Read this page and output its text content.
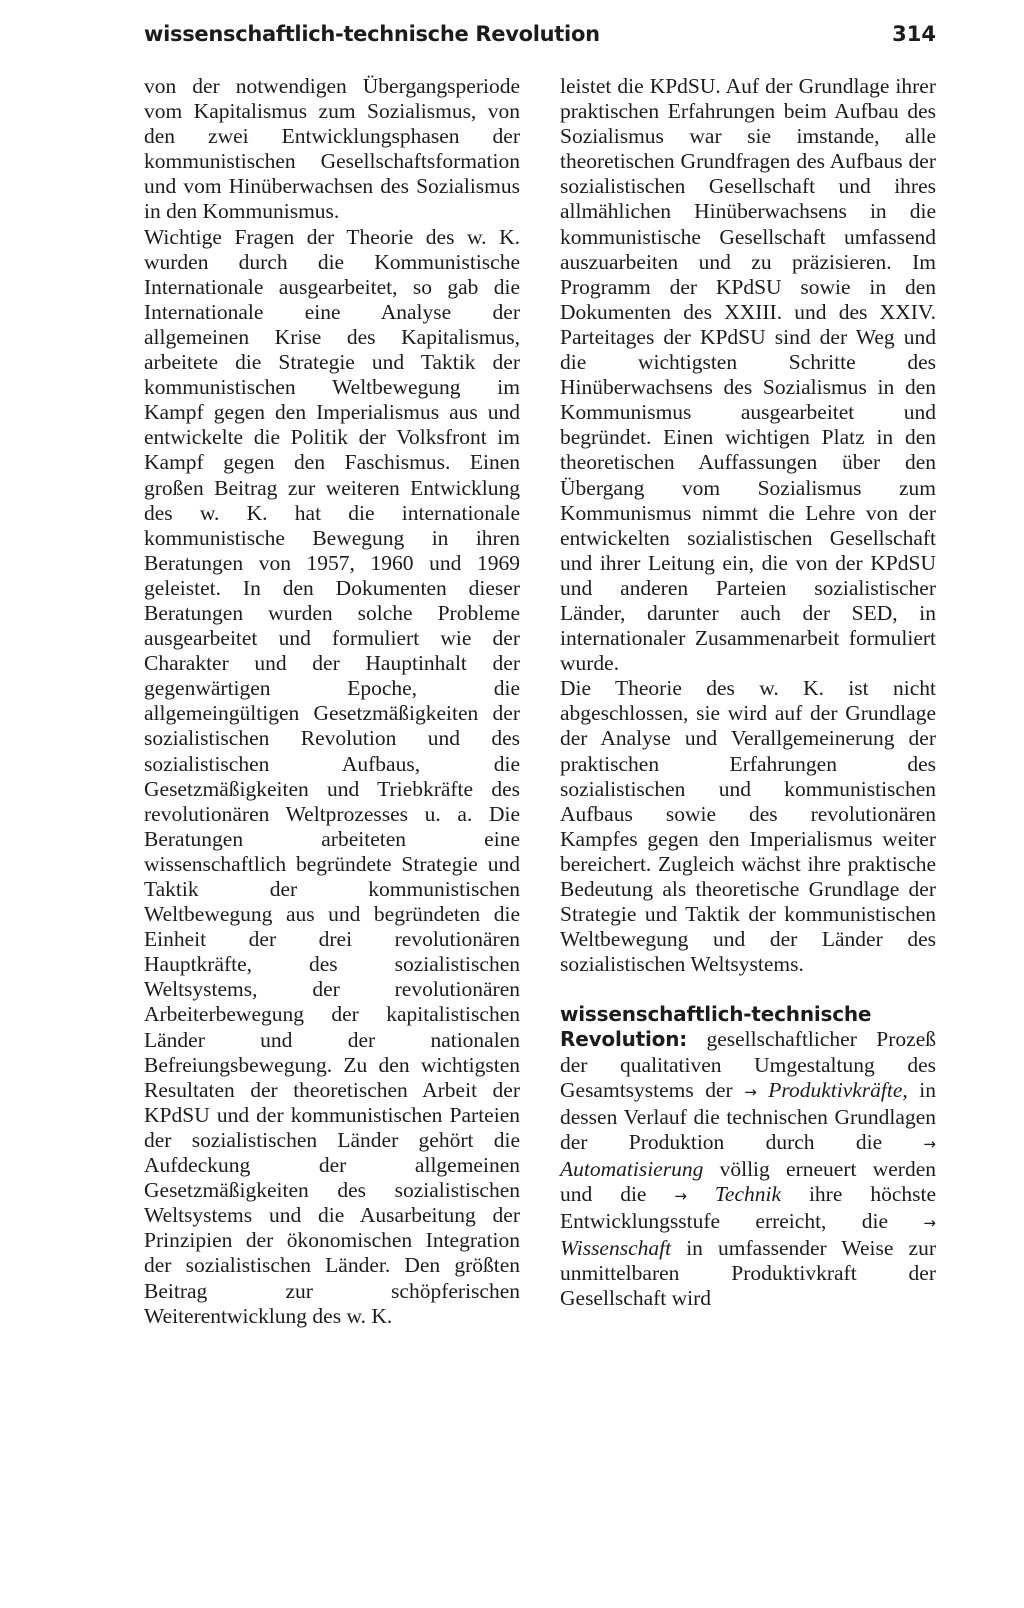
wissenschaftlich-technische Revolution	314

von der notwendigen Übergangsperiode vom Kapitalismus zum Sozialismus, von den zwei Entwicklungsphasen der kommunistischen Gesellschaftsformation und vom Hinüberwachsen des Sozialismus in den Kommunismus.

Wichtige Fragen der Theorie des w. K. wurden durch die Kommunistische Internationale ausgearbeitet, so gab die Internationale eine Analyse der allgemeinen Krise des Kapitalismus, arbeitete die Strategie und Taktik der kommunistischen Weltbewegung im Kampf gegen den Imperialismus aus und entwickelte die Politik der Volksfront im Kampf gegen den Faschismus. Einen großen Beitrag zur weiteren Entwicklung des w. K. hat die internationale kommunistische Bewegung in ihren Beratungen von 1957, 1960 und 1969 geleistet. In den Dokumenten dieser Beratungen wurden solche Probleme ausgearbeitet und formuliert wie der Charakter und der Hauptinhalt der gegenwärtigen Epoche, die allgemeingültigen Gesetzmäßigkeiten der sozialistischen Revolution und des sozialistischen Aufbaus, die Gesetzmäßigkeiten und Triebkräfte des revolutionären Weltprozesses u. a. Die Beratungen arbeiteten eine wissenschaftlich begründete Strategie und Taktik der kommunistischen Weltbewegung aus und begründeten die Einheit der drei revolutionären Hauptkräfte, des sozialistischen Weltsystems, der revolutionären Arbeiterbewegung der kapitalistischen Länder und der nationalen Befreiungsbewegung. Zu den wichtigsten Resultaten der theoretischen Arbeit der KPdSU und der kommunistischen Parteien der sozialistischen Länder gehört die Aufdeckung der allgemeinen Gesetzmäßigkeiten des sozialistischen Weltsystems und die Ausarbeitung der Prinzipien der ökonomischen Integration der sozialistischen Länder. Den größten Beitrag zur schöpferischen Weiterentwicklung des w. K.

leistet die KPdSU. Auf der Grundlage ihrer praktischen Erfahrungen beim Aufbau des Sozialismus war sie imstande, alle theoretischen Grundfragen des Aufbaus der sozialistischen Gesellschaft und ihres allmählichen Hinüberwachsens in die kommunistische Gesellschaft umfassend auszuarbeiten und zu präzisieren. Im Programm der KPdSU sowie in den Dokumenten des XXIII. und des XXIV. Parteitages der KPdSU sind der Weg und die wichtigsten Schritte des Hinüberwachsens des Sozialismus in den Kommunismus ausgearbeitet und begründet. Einen wichtigen Platz in den theoretischen Auffassungen über den Übergang vom Sozialismus zum Kommunismus nimmt die Lehre von der entwickelten sozialistischen Gesellschaft und ihrer Leitung ein, die von der KPdSU und anderen Parteien sozialistischer Länder, darunter auch der SED, in internationaler Zusammenarbeit formuliert wurde.

Die Theorie des w. K. ist nicht abgeschlossen, sie wird auf der Grundlage der Analyse und Verallgemeinerung der praktischen Erfahrungen des sozialistischen und kommunistischen Aufbaus sowie des revolutionären Kampfes gegen den Imperialismus weiter bereichert. Zugleich wächst ihre praktische Bedeutung als theoretische Grundlage der Strategie und Taktik der kommunistischen Weltbewegung und der Länder des sozialistischen Weltsystems.

wissenschaftlich-technische Revolution: gesellschaftlicher Prozeß der qualitativen Umgestaltung des Gesamtsystems der → Produktivkräfte, in dessen Verlauf die technischen Grundlagen der Produktion durch die → Automatisierung völlig erneuert werden und die → Technik ihre höchste Entwicklungsstufe erreicht, die → Wissenschaft in umfassender Weise zur unmittelbaren Produktivkraft der Gesellschaft wird
